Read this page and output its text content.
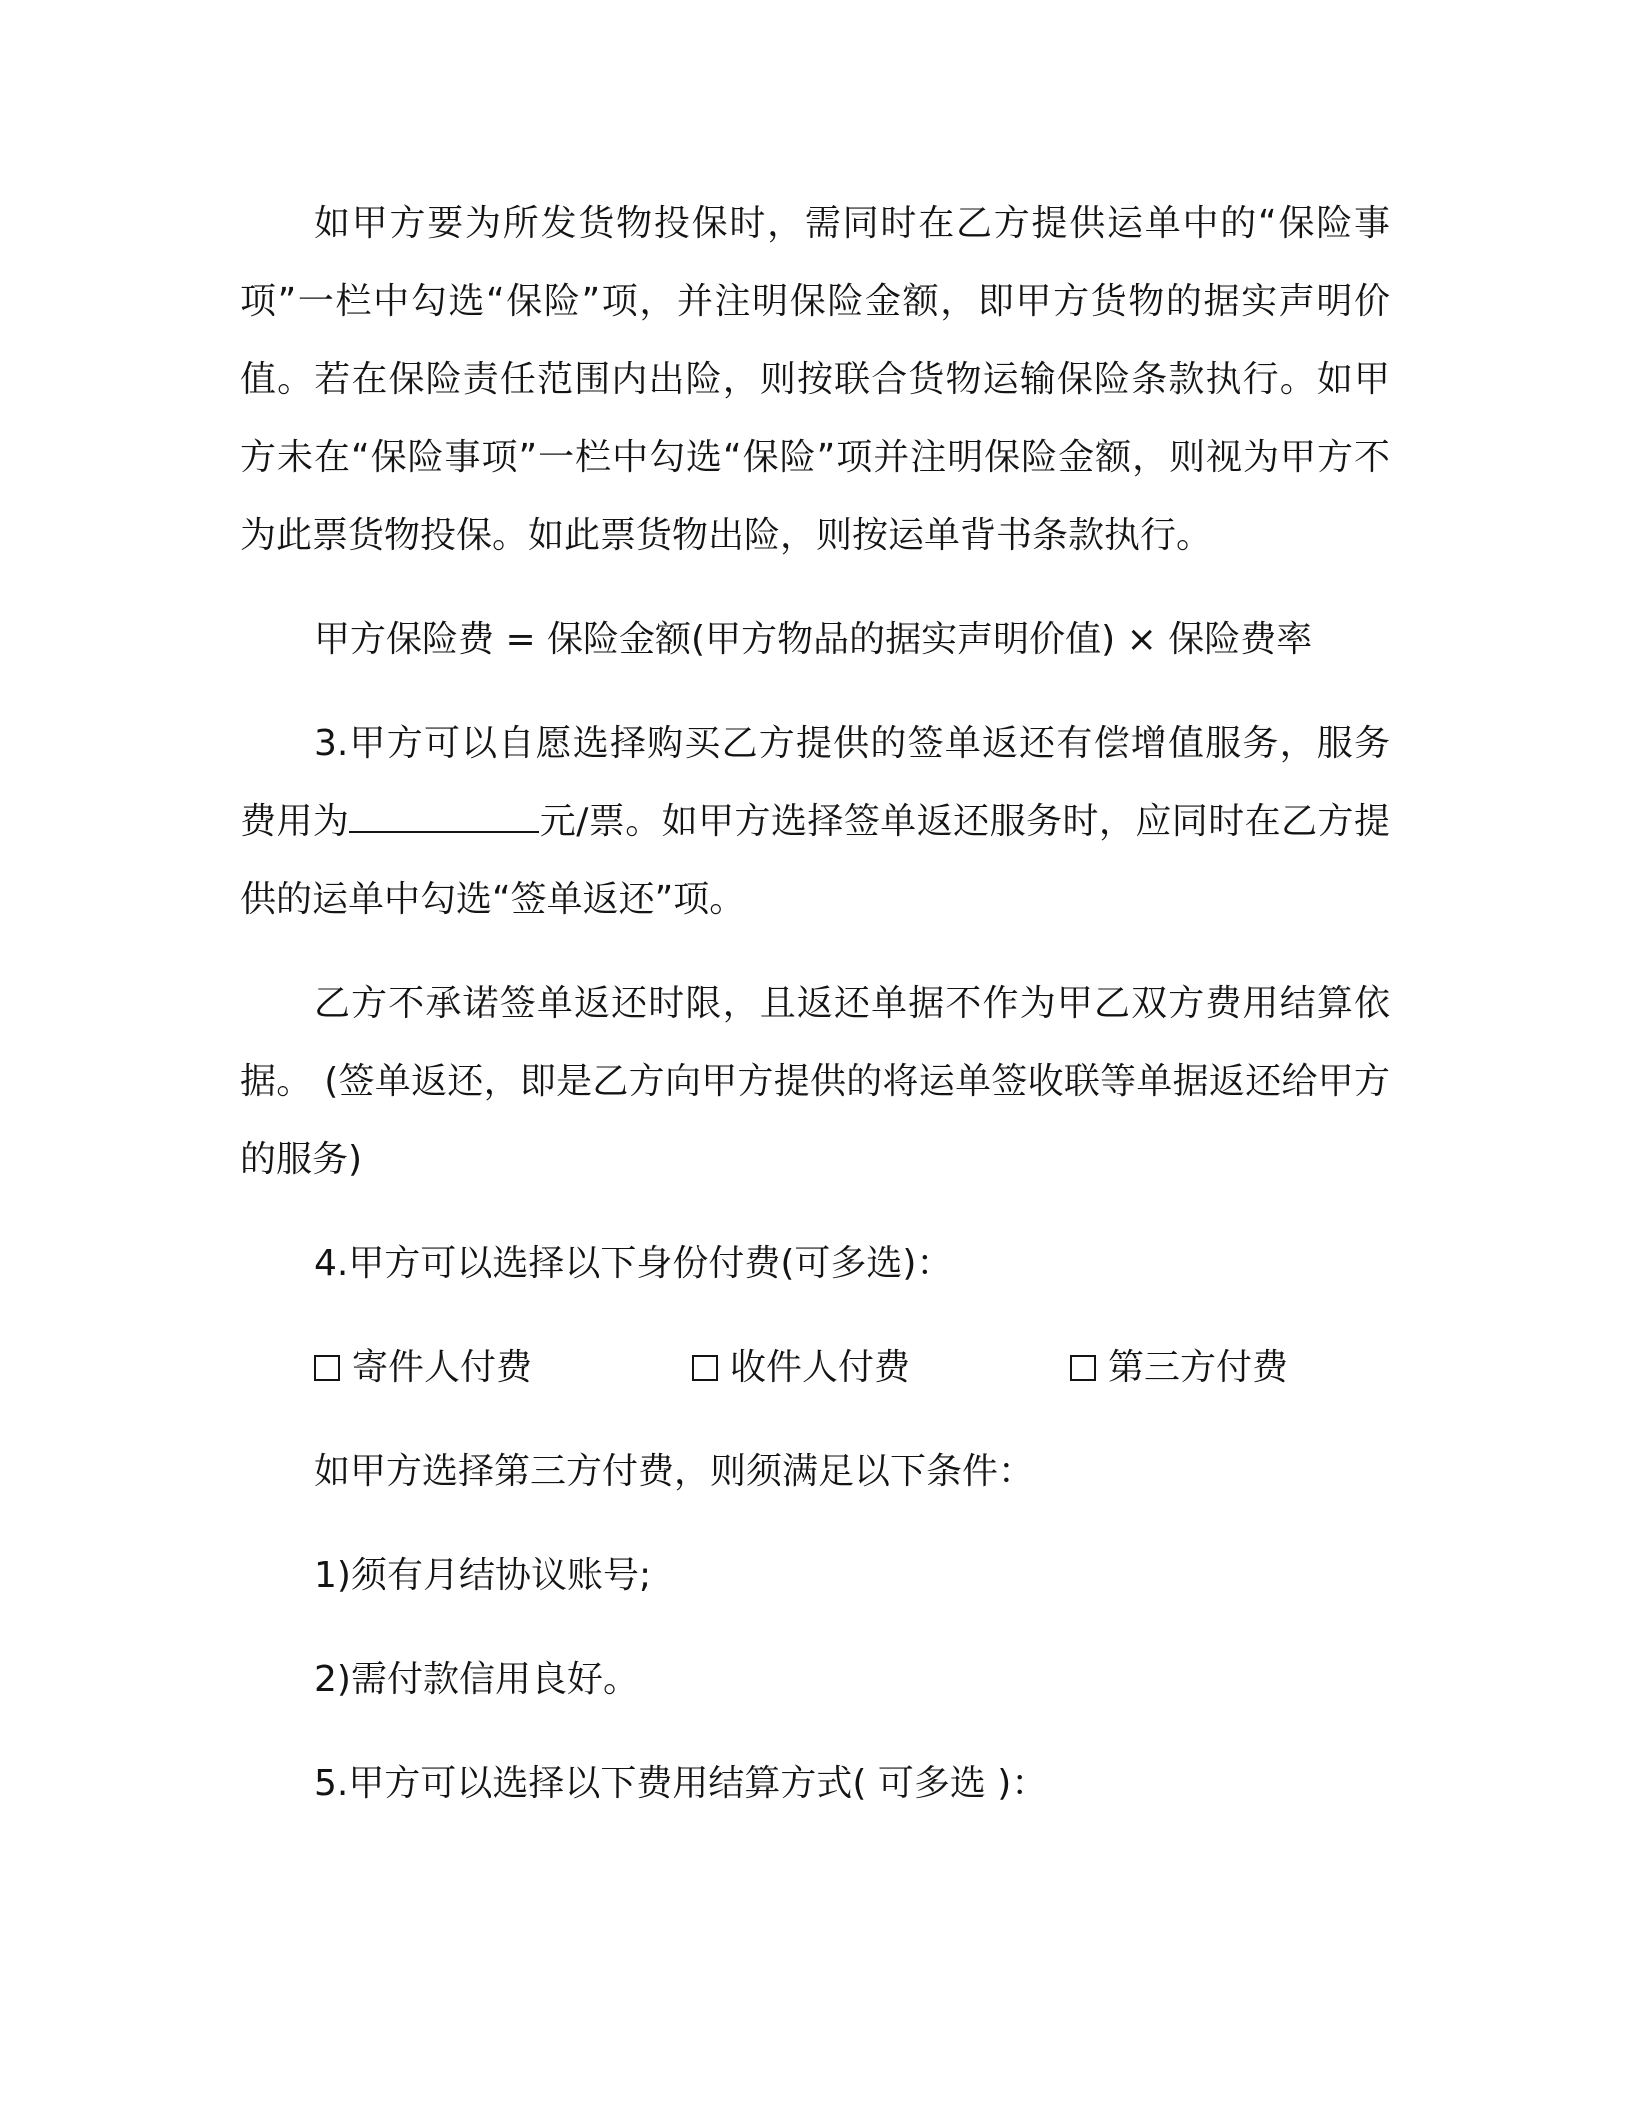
如甲方要为所发货物投保时，需同时在乙方提供运单中的“保险事项”一栏中勾选“保险”项，并注明保险金额，即甲方货物的据实声明价值。若在保险责任范围内出险，则按联合货物运输保险条款执行。如甲方未在“保险事项”一栏中勾选“保险”项并注明保险金额，则视为甲方不为此票货物投保。如此票货物出险，则按运单背书条款执行。

甲方保险费 = 保险金额(甲方物品的据实声明价值) × 保险费率

3.甲方可以自愿选择购买乙方提供的签单返还有偿增值服务，服务费用为	元/票。如甲方选择签单返还服务时，应同时在乙方提供的运单中勾选“签单返还”项。

乙方不承诺签单返还时限，且返还单据不作为甲乙双方费用结算依据。 (签单返还，即是乙方向甲方提供的将运单签收联等单据返还给甲方的服务)

4.甲方可以选择以下身份付费(可多选)：

寄件人付费	收件人付费	第三方付费

如甲方选择第三方付费，则须满足以下条件：

1)须有月结协议账号;

2)需付款信用良好。

5.甲方可以选择以下费用结算方式( 可多选 )：
